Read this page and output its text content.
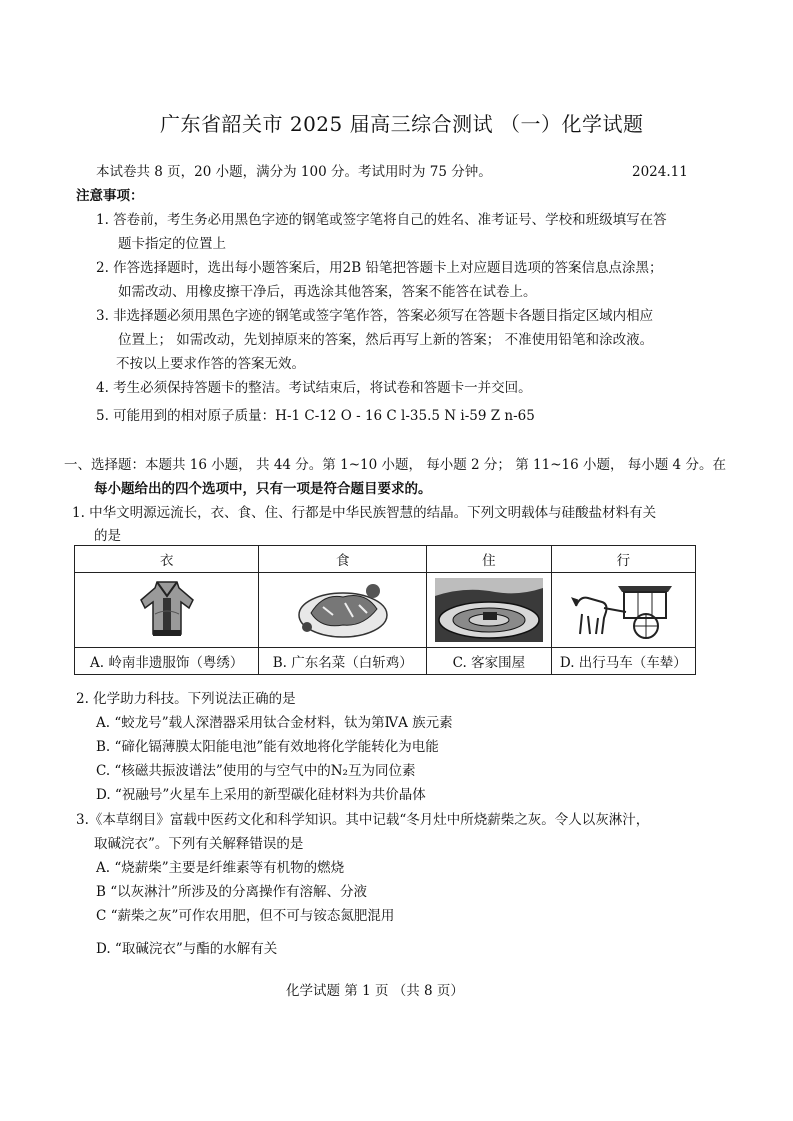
广东省韶关市 2025 届高三综合测试 （一）化学试题
本试卷共 8 页，20 小题，满分为 100 分。考试用时为 75 分钟。	2024.11
注意事项：
1. 答卷前，考生务必用黑色字迹的钢笔或签字笔将自己的姓名、准考证号、学校和班级填写在答
题卡指定的位置上
2. 作答选择题时，选出每小题答案后，用2B 铅笔把答题卡上对应题目选项的答案信息点涂黑；
如需改动、用橡皮擦干净后，再选涂其他答案，答案不能答在试卷上。
3. 非选择题必须用黑色字迹的钢笔或签字笔作答，答案必须写在答题卡各题目指定区域内相应
位置上； 如需改动，先划掉原来的答案，然后再写上新的答案； 不准使用铅笔和涂改液。
不按以上要求作答的答案无效。
4. 考生必须保持答题卡的整洁。考试结束后，将试卷和答题卡一并交回。
5. 可能用到的相对原子质量：H-1 C-12 O - 16 C l-35.5 N i-59 Z n-65
一、选择题：本题共 16 小题， 共 44 分。第 1~10 小题， 每小题 2 分； 第 11~16 小题， 每小题 4 分。在
每小题给出的四个选项中，只有一项是符合题目要求的。
1. 中华文明源远流长，衣、食、住、行都是中华民族智慧的结晶。下列文明载体与硅酸盐材料有关
的是
衣	食	住	行

A. 岭南非遗服饰（粤绣）	B. 广东名菜（白斩鸡）	C. 客家围屋	D. 出行马车（车辇）
2. 化学助力科技。下列说法正确的是
A. “蛟龙号”载人深潜器采用钛合金材料，钛为第ⅣA 族元素
B. “碲化镉薄膜太阳能电池”能有效地将化学能转化为电能
C. “核磁共振波谱法”使用的与空气中的N₂互为同位素
D. “祝融号”火星车上采用的新型碳化硅材料为共价晶体
3.《本草纲目》富载中医药文化和科学知识。其中记载“冬月灶中所烧薪柴之灰。令人以灰淋汁，
取碱浣衣”。下列有关解释错误的是
A. “烧薪柴”主要是纤维素等有机物的燃烧
B “以灰淋汁”所涉及的分离操作有溶解、分液
C “薪柴之灰”可作农用肥，但不可与铵态氮肥混用
D. “取碱浣衣”与酯的水解有关
化学试题 第 1 页 （共 8 页）
